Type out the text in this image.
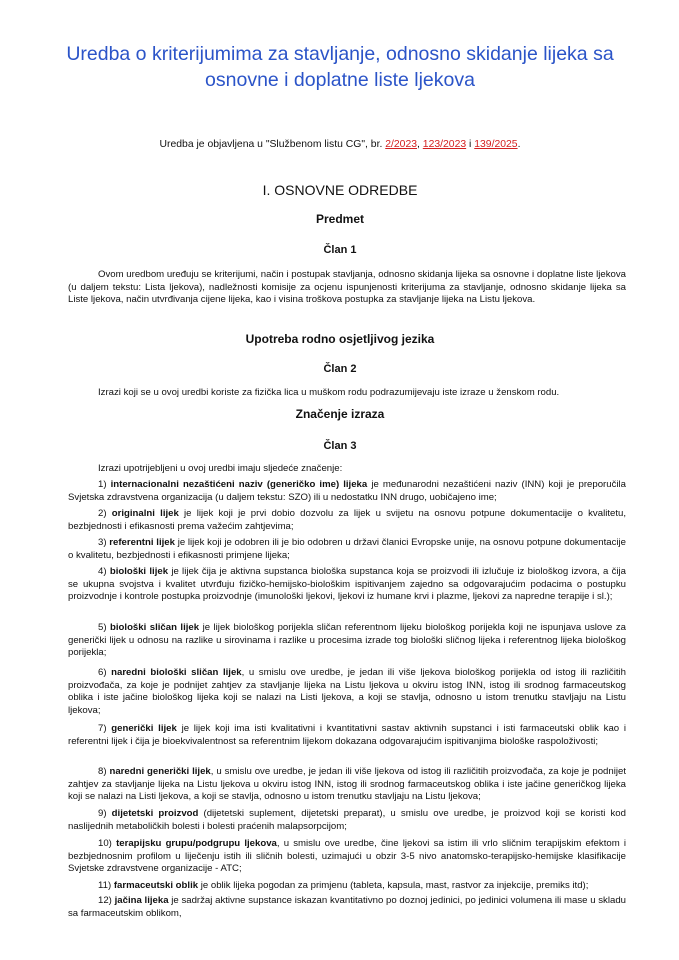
Uredba o kriterijumima za stavljanje, odnosno skidanje lijeka sa osnovne i doplatne liste ljekova
Uredba je objavljena u "Službenom listu CG", br. 2/2023, 123/2023 i 139/2025.
I. OSNOVNE ODREDBE
Predmet
Član 1
Ovom uredbom uređuju se kriterijumi, način i postupak stavljanja, odnosno skidanja lijeka sa osnovne i doplatne liste ljekova (u daljem tekstu: Lista ljekova), nadležnosti komisije za ocjenu ispunjenosti kriterijuma za stavljanje, odnosno skidanje lijeka sa Liste ljekova, način utvrđivanja cijene lijeka, kao i visina troškova postupka za stavljanje lijeka na Listu ljekova.
Upotreba rodno osjetljivog jezika
Član 2
Izrazi koji se u ovoj uredbi koriste za fizička lica u muškom rodu podrazumijevaju iste izraze u ženskom rodu.
Značenje izraza
Član 3
Izrazi upotrijebljeni u ovoj uredbi imaju sljedeće značenje:
1) internacionalni nezaštićeni naziv (generičko ime) lijeka je međunarodni nezaštićeni naziv (INN) koji je preporučila Svjetska zdravstvena organizacija (u daljem tekstu: SZO) ili u nedostatku INN drugo, uobičajeno ime;
2) originalni lijek je lijek koji je prvi dobio dozvolu za lijek u svijetu na osnovu potpune dokumentacije o kvalitetu, bezbjednosti i efikasnosti prema važećim zahtjevima;
3) referentni lijek je lijek koji je odobren ili je bio odobren u državi članici Evropske unije, na osnovu potpune dokumentacije o kvalitetu, bezbjednosti i efikasnosti primjene lijeka;
4) biološki lijek je lijek čija je aktivna supstanca biološka supstanca koja se proizvodi ili izlučuje iz biološkog izvora, a čija se ukupna svojstva i kvalitet utvrđuju fizičko-hemijsko-biološkim ispitivanjem zajedno sa odgovarajućim podacima o postupku proizvodnje i kontrole postupka proizvodnje (imunološki ljekovi, ljekovi iz humane krvi i plazme, ljekovi za napredne terapije i sl.);
5) biološki sličan lijek je lijek biološkog porijekla sličan referentnom lijeku biološkog porijekla koji ne ispunjava uslove za generički lijek u odnosu na razlike u sirovinama i razlike u procesima izrade tog biološki sličnog lijeka i referentnog lijeka biološkog porijekla;
6) naredni biološki sličan lijek, u smislu ove uredbe, je jedan ili više ljekova biološkog porijekla od istog ili različitih proizvođača, za koje je podnijet zahtjev za stavljanje lijeka na Listu ljekova u okviru istog INN, istog ili srodnog farmaceutskog oblika i iste jačine biološkog lijeka koji se nalazi na Listi ljekova, a koji se stavlja, odnosno u istom trenutku stavljaju na Listu ljekova;
7) generički lijek je lijek koji ima isti kvalitativni i kvantitativni sastav aktivnih supstanci i isti farmaceutski oblik kao i referentni lijek i čija je bioekvivalentnost sa referentnim lijekom dokazana odgovarajućim ispitivanjima biološke raspoloživosti;
8) naredni generički lijek, u smislu ove uredbe, je jedan ili više ljekova od istog ili različitih proizvođača, za koje je podnijet zahtjev za stavljanje lijeka na Listu ljekova u okviru istog INN, istog ili srodnog farmaceutskog oblika i iste jačine generičkog lijeka koji se nalazi na Listi ljekova, a koji se stavlja, odnosno u istom trenutku stavljaju na Listu ljekova;
9) dijetetski proizvod (dijetetski suplement, dijetetski preparat), u smislu ove uredbe, je proizvod koji se koristi kod naslijednih metaboličkih bolesti i bolesti praćenih malapsorpcijom;
10) terapijsku grupu/podgrupu ljekova, u smislu ove uredbe, čine ljekovi sa istim ili vrlo sličnim terapijskim efektom i bezbjednosnim profilom u liječenju istih ili sličnih bolesti, uzimajući u obzir 3-5 nivo anatomsko-terapijsko-hemijske klasifikacije Svjetske zdravstvene organizacije - ATC;
11) farmaceutski oblik je oblik lijeka pogodan za primjenu (tableta, kapsula, mast, rastvor za injekcije, premiks itd);
12) jačina lijeka je sadržaj aktivne supstance iskazan kvantitativno po doznoj jedinici, po jedinici volumena ili mase u skladu sa farmaceutskim oblikom,
